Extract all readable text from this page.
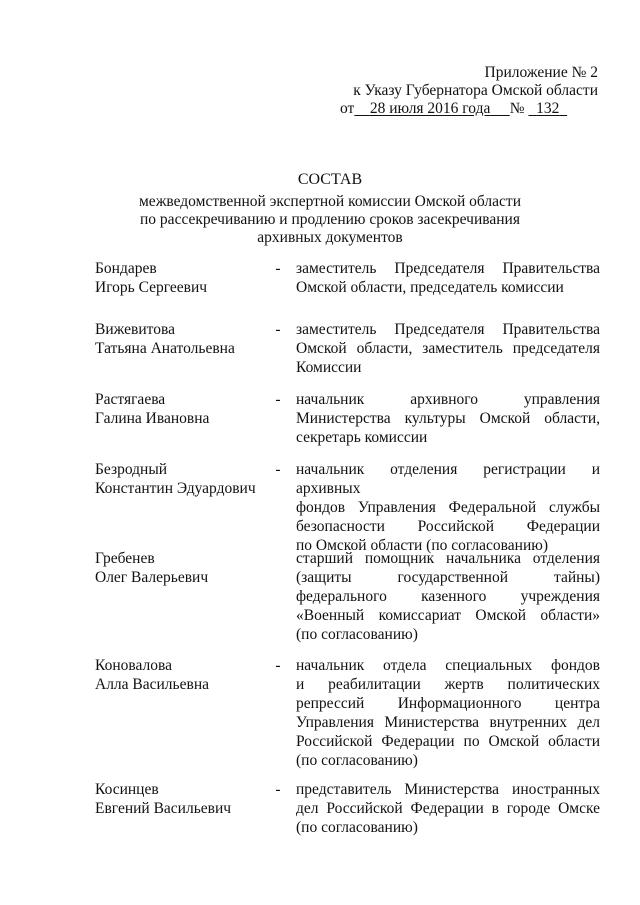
Приложение № 2
к Указу Губернатора Омской области
от 28 июля 2016 года № 132
СОСТАВ
межведомственной экспертной комиссии Омской области
по рассекречиванию и продлению сроков засекречивания
архивных документов
Бондарев
Игорь Сергеевич
- заместитель Председателя Правительства
Омской области, председатель комиссии
Вижевитова
Татьяна Анатольевна
- заместитель Председателя Правительства
Омской области, заместитель председателя
Комиссии
Растягаева
Галина Ивановна
- начальник архивного управления
Министерства культуры Омской области,
секретарь комиссии
Безродный
Константин Эдуардович
- начальник отделения регистрации и архивных
фондов Управления Федеральной службы
безопасности Российской Федерации
по Омской области (по согласованию)
Гребенев
Олег Валерьевич
старший помощник начальника отделения
(защиты государственной тайны)
федерального казенного учреждения
«Военный комиссариат Омской области»
(по согласованию)
Коновалова
Алла Васильевна
- начальник отдела специальных фондов
и реабилитации жертв политических
репрессий Информационного центра
Управления Министерства внутренних дел
Российской Федерации по Омской области
(по согласованию)
Косинцев
Евгений Васильевич
- представитель Министерства иностранных
дел Российской Федерации в городе Омске
(по согласованию)
